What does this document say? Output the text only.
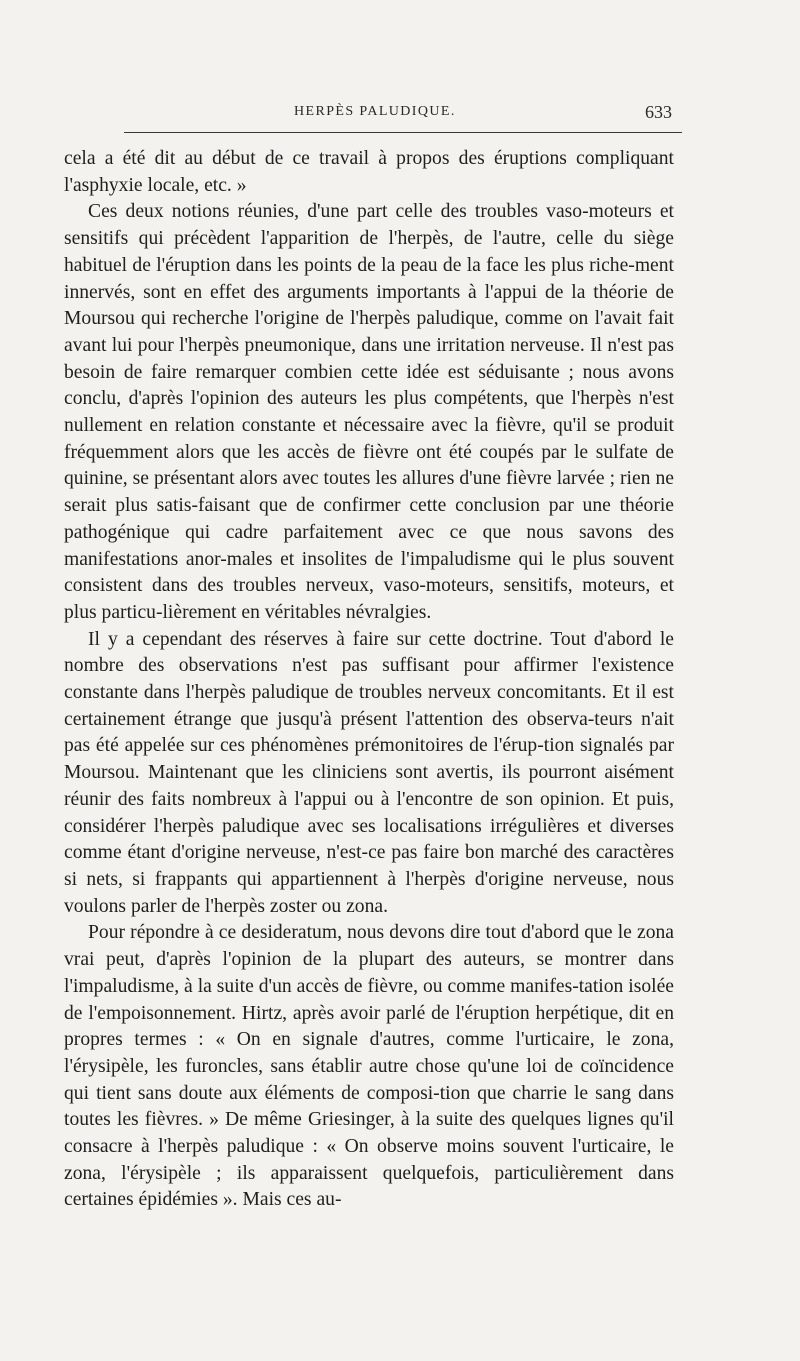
HERPÈS PALUDIQUE.	633

cela a été dit au début de ce travail à propos des éruptions compliquant l'asphyxie locale, etc. »

Ces deux notions réunies, d'une part celle des troubles vaso-moteurs et sensitifs qui précèdent l'apparition de l'herpès, de l'autre, celle du siège habituel de l'éruption dans les points de la peau de la face les plus riche-ment innervés, sont en effet des arguments importants à l'appui de la théorie de Moursou qui recherche l'origine de l'herpès paludique, comme on l'avait fait avant lui pour l'herpès pneumonique, dans une irritation nerveuse. Il n'est pas besoin de faire remarquer combien cette idée est séduisante ; nous avons conclu, d'après l'opinion des auteurs les plus compétents, que l'herpès n'est nullement en relation constante et nécessaire avec la fièvre, qu'il se produit fréquemment alors que les accès de fièvre ont été coupés par le sulfate de quinine, se présentant alors avec toutes les allures d'une fièvre larvée ; rien ne serait plus satis-faisant que de confirmer cette conclusion par une théorie pathogénique qui cadre parfaitement avec ce que nous savons des manifestations anor-males et insolites de l'impaludisme qui le plus souvent consistent dans des troubles nerveux, vaso-moteurs, sensitifs, moteurs, et plus particu-lièrement en véritables névralgies.

Il y a cependant des réserves à faire sur cette doctrine. Tout d'abord le nombre des observations n'est pas suffisant pour affirmer l'existence constante dans l'herpès paludique de troubles nerveux concomitants. Et il est certainement étrange que jusqu'à présent l'attention des observa-teurs n'ait pas été appelée sur ces phénomènes prémonitoires de l'érup-tion signalés par Moursou. Maintenant que les cliniciens sont avertis, ils pourront aisément réunir des faits nombreux à l'appui ou à l'encontre de son opinion. Et puis, considérer l'herpès paludique avec ses localisations irrégulières et diverses comme étant d'origine nerveuse, n'est-ce pas faire bon marché des caractères si nets, si frappants qui appartiennent à l'herpès d'origine nerveuse, nous voulons parler de l'herpès zoster ou zona.

Pour répondre à ce desideratum, nous devons dire tout d'abord que le zona vrai peut, d'après l'opinion de la plupart des auteurs, se montrer dans l'impaludisme, à la suite d'un accès de fièvre, ou comme manifes-tation isolée de l'empoisonnement. Hirtz, après avoir parlé de l'éruption herpétique, dit en propres termes : « On en signale d'autres, comme l'urticaire, le zona, l'érysipèle, les furoncles, sans établir autre chose qu'une loi de coïncidence qui tient sans doute aux éléments de composi-tion que charrie le sang dans toutes les fièvres. » De même Griesinger, à la suite des quelques lignes qu'il consacre à l'herpès paludique : « On observe moins souvent l'urticaire, le zona, l'érysipèle ; ils apparaissent quelquefois, particulièrement dans certaines épidémies ». Mais ces au-
